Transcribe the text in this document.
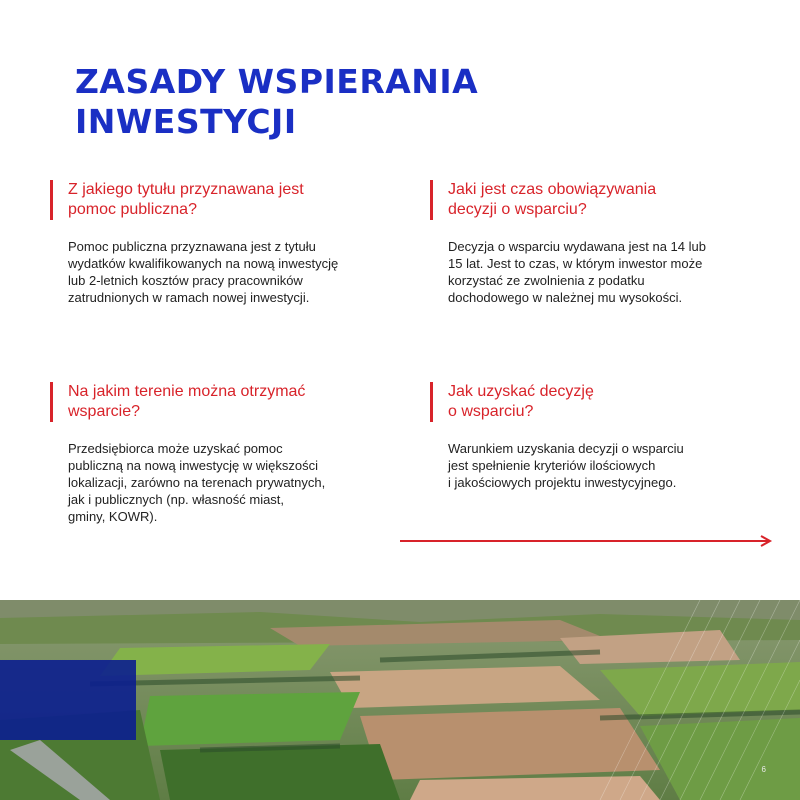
ZASADY WSPIERANIA
INWESTYCJI
Z jakiego tytułu przyznawana jest
pomoc publiczna?
Pomoc publiczna przyznawana jest z tytułu
wydatków kwalifikowanych na nową inwestycję
lub 2-letnich kosztów pracy pracowników
zatrudnionych w ramach nowej inwestycji.
Jaki jest czas obowiązywania
decyzji o wsparciu?
Decyzja o wsparciu wydawana jest na 14 lub
15 lat. Jest to czas, w którym inwestor może
korzystać ze zwolnienia z podatku
dochodowego w należnej mu wysokości.
Na jakim terenie można otrzymać
wsparcie?
Przedsiębiorca może uzyskać pomoc
publiczną na nową inwestycję w większości
lokalizacji, zarówno na terenach prywatnych,
jak i publicznych (np. własność miast,
gminy, KOWR).
Jak uzyskać decyzję
o wsparciu?
Warunkiem uzyskania decyzji o wsparciu
jest spełnienie kryteriów ilościowych
i jakościowych projektu inwestycyjnego.
6
